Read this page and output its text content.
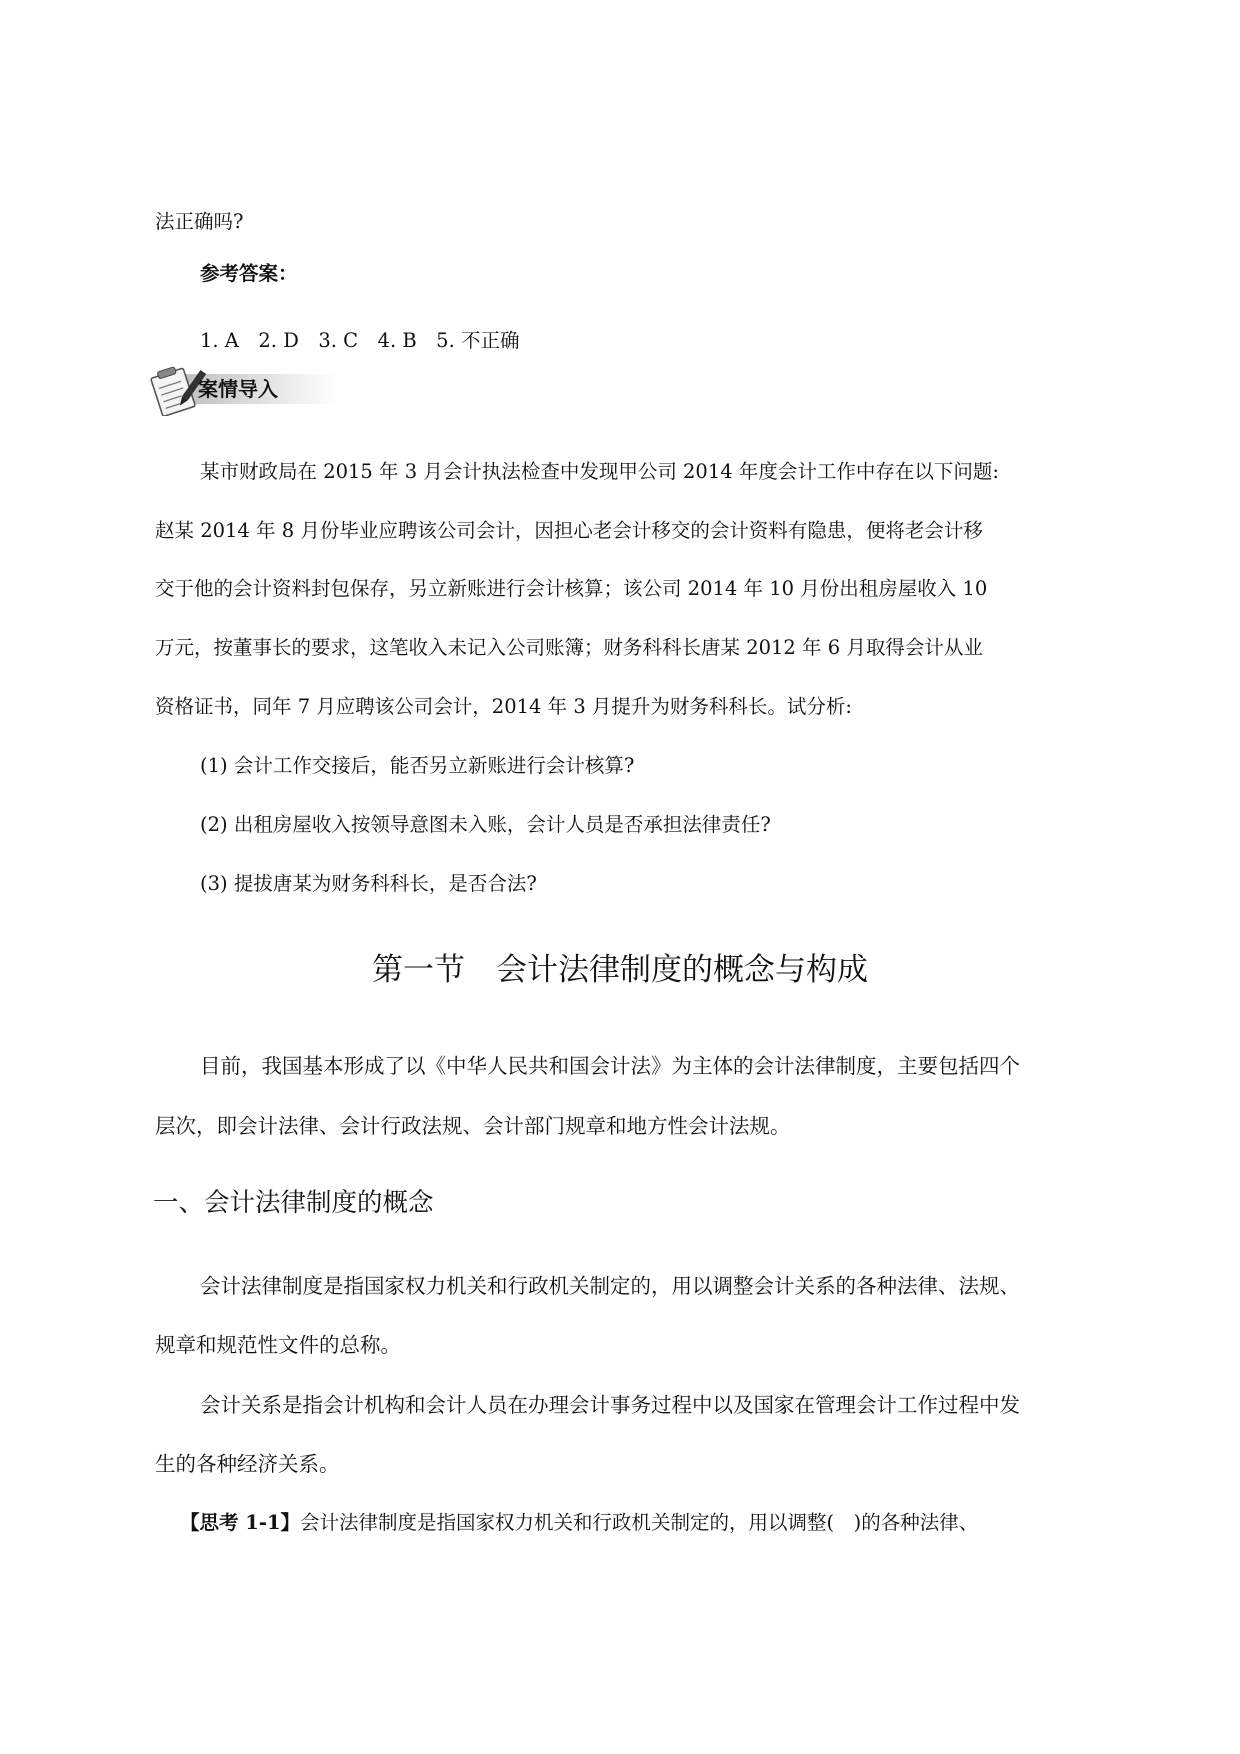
法正确吗?
参考答案：
1. A　2. D　3. C　4. B　5. 不正确
案情导入
某市财政局在 2015 年 3 月会计执法检查中发现甲公司 2014 年度会计工作中存在以下问题:
赵某 2014 年 8 月份毕业应聘该公司会计，因担心老会计移交的会计资料有隐患，便将老会计移
交于他的会计资料封包保存，另立新账进行会计核算；该公司 2014 年 10 月份出租房屋收入 10
万元，按董事长的要求，这笔收入未记入公司账簿；财务科科长唐某 2012 年 6 月取得会计从业
资格证书，同年 7 月应聘该公司会计，2014 年 3 月提升为财务科科长。试分析:
(1) 会计工作交接后，能否另立新账进行会计核算?
(2) 出租房屋收入按领导意图未入账，会计人员是否承担法律责任?
(3) 提拔唐某为财务科科长，是否合法?
第一节　会计法律制度的概念与构成
目前，我国基本形成了以《中华人民共和国会计法》为主体的会计法律制度，主要包括四个
层次，即会计法律、会计行政法规、会计部门规章和地方性会计法规。
一、会计法律制度的概念
会计法律制度是指国家权力机关和行政机关制定的，用以调整会计关系的各种法律、法规、
规章和规范性文件的总称。
会计关系是指会计机构和会计人员在办理会计事务过程中以及国家在管理会计工作过程中发
生的各种经济关系。
【思考 1-1】会计法律制度是指国家权力机关和行政机关制定的，用以调整(　)的各种法律、
